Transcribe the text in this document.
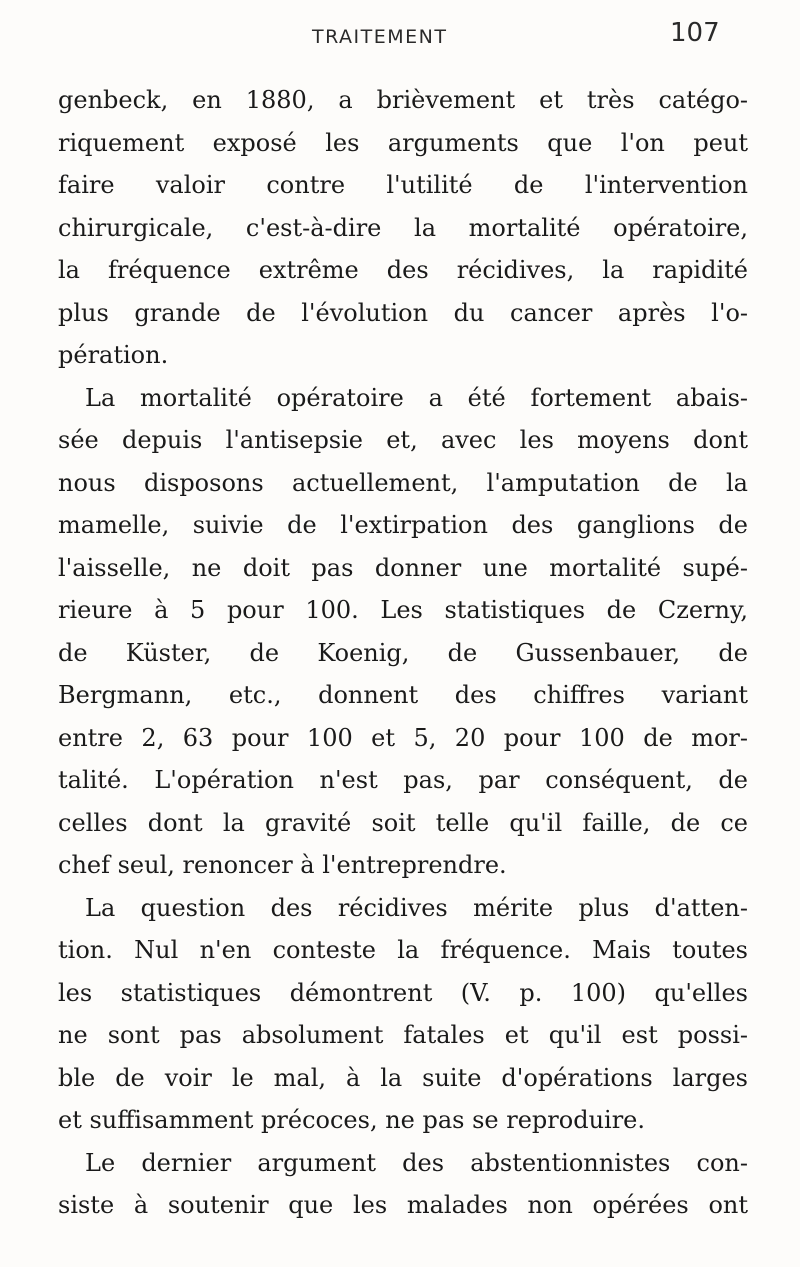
TRAITEMENT	107
genbeck, en 1880, a brièvement et très catégo-
riquement exposé les arguments que l'on peut
faire valoir contre l'utilité de l'intervention
chirurgicale, c'est-à-dire la mortalité opératoire,
la fréquence extrême des récidives, la rapidité
plus grande de l'évolution du cancer après l'o-
pération.
La mortalité opératoire a été fortement abais-
sée depuis l'antisepsie et, avec les moyens dont
nous disposons actuellement, l'amputation de la
mamelle, suivie de l'extirpation des ganglions de
l'aisselle, ne doit pas donner une mortalité supé-
rieure à 5 pour 100. Les statistiques de Czerny,
de Küster, de Koenig, de Gussenbauer, de
Bergmann, etc., donnent des chiffres variant
entre 2, 63 pour 100 et 5, 20 pour 100 de mor-
talité. L'opération n'est pas, par conséquent, de
celles dont la gravité soit telle qu'il faille, de ce
chef seul, renoncer à l'entreprendre.
La question des récidives mérite plus d'atten-
tion. Nul n'en conteste la fréquence. Mais toutes
les statistiques démontrent (V. p. 100) qu'elles
ne sont pas absolument fatales et qu'il est possi-
ble de voir le mal, à la suite d'opérations larges
et suffisamment précoces, ne pas se reproduire.
Le dernier argument des abstentionnistes con-
siste à soutenir que les malades non opérées ont
